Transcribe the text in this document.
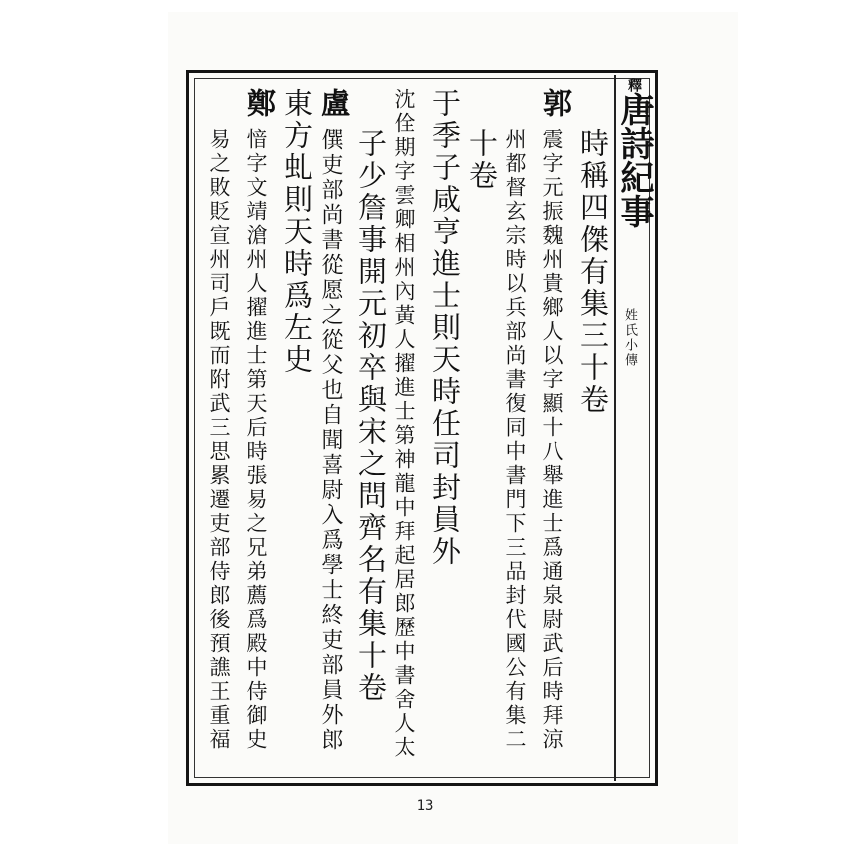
釋唐詩紀事
姓氏小傳
時稱四傑有集三十卷
郭
震字元振魏州貴鄉人以字顯十八舉進士爲通泉尉武后時拜涼
州都督玄宗時以兵部尚書復同中書門下三品封代國公有集二
十卷
于季子咸亨進士則天時任司封員外
沈佺期字雲卿相州內黃人擢進士第神龍中拜起居郎歷中書舍人太
子少詹事開元初卒與宋之問齊名有集十卷
盧
僎吏部尚書從愿之從父也自聞喜尉入爲學士終吏部員外郎
東方虬則天時爲左史
鄭
愔字文靖滄州人擢進士第天后時張易之兄弟薦爲殿中侍御史
易之敗貶宣州司戶既而附武三思累遷吏部侍郎後預譙王重福
13
